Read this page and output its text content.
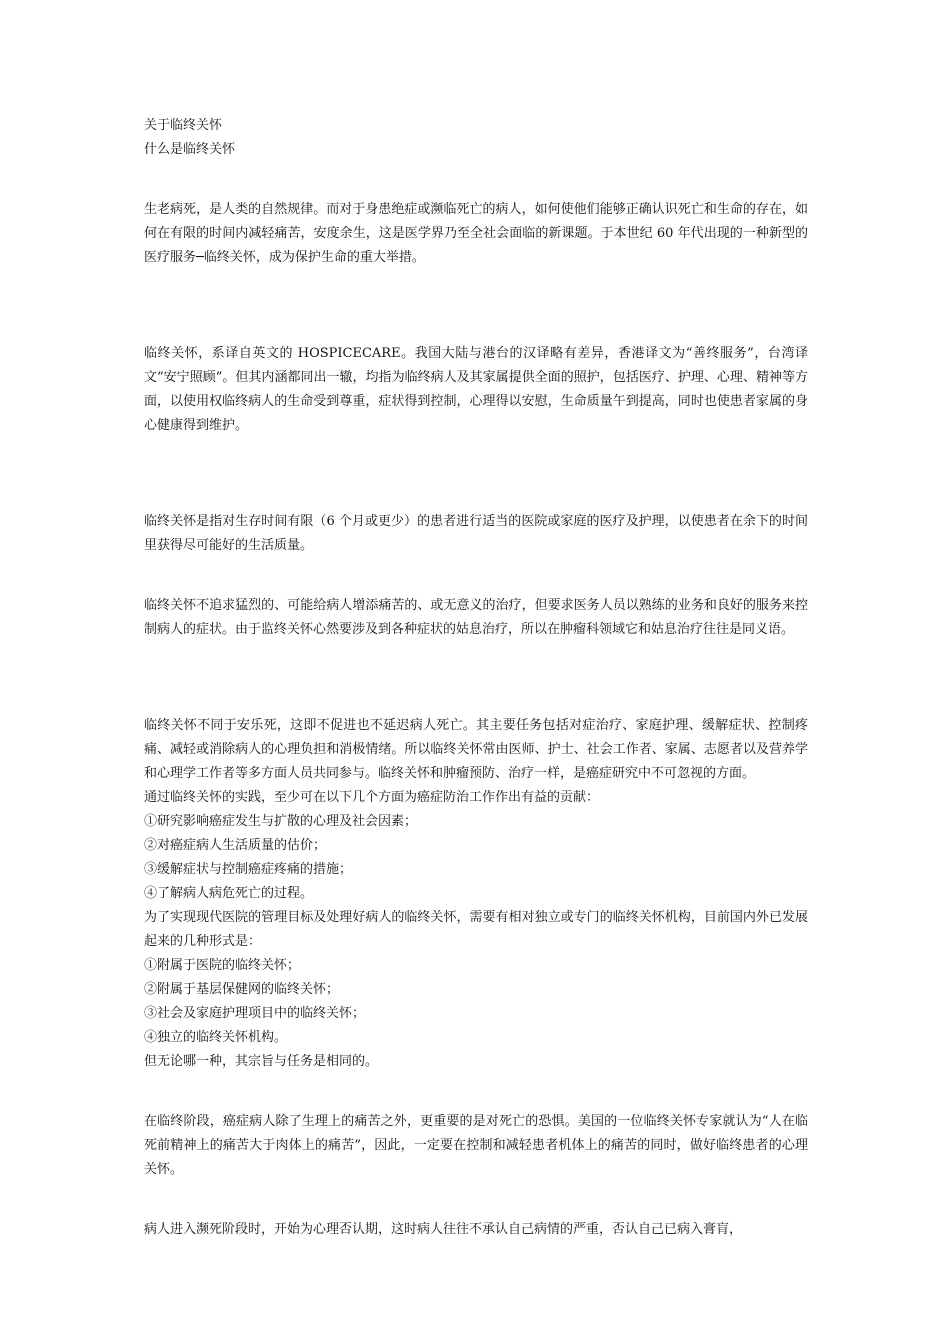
关于临终关怀
什么是临终关怀

生老病死，是人类的自然规律。而对于身患绝症或濒临死亡的病人，如何使他们能够正确认识死亡和生命的存在，如何在有限的时间内减轻痛苦，安度余生，这是医学界乃至全社会面临的新课题。于本世纪 60 年代出现的一种新型的医疗服务─临终关怀，成为保护生命的重大举措。

临终关怀，系译自英文的 HOSPICECARE。我国大陆与港台的汉译略有差异，香港译文为“善终服务”，台湾译文“安宁照顾”。但其内涵都同出一辙，均指为临终病人及其家属提供全面的照护，包括医疗、护理、心理、精神等方面，以使用权临终病人的生命受到尊重，症状得到控制，心理得以安慰，生命质量午到提高，同时也使患者家属的身心健康得到维护。

临终关怀是指对生存时间有限（6 个月或更少）的患者进行适当的医院或家庭的医疗及护理，以使患者在余下的时间里获得尽可能好的生活质量。

临终关怀不追求猛烈的、可能给病人增添痛苦的、或无意义的治疗，但要求医务人员以熟练的业务和良好的服务来控制病人的症状。由于监终关怀心然要涉及到各种症状的姑息治疗，所以在肿瘤科领域它和姑息治疗往往是同义语。

临终关怀不同于安乐死，这即不促进也不延迟病人死亡。其主要任务包括对症治疗、家庭护理、缓解症状、控制疼痛、减轻或消除病人的心理负担和消极情绪。所以临终关怀常由医师、护士、社会工作者、家属、志愿者以及营养学和心理学工作者等多方面人员共同参与。临终关怀和肿瘤预防、治疗一样，是癌症研究中不可忽视的方面。

通过临终关怀的实践，至少可在以下几个方面为癌症防治工作作出有益的贡献：

①研究影响癌症发生与扩散的心理及社会因素；
②对癌症病人生活质量的估价；
③缓解症状与控制癌症疼痛的措施；
④了解病人病危死亡的过程。

为了实现现代医院的管理目标及处理好病人的临终关怀，需要有相对独立或专门的临终关怀机构，目前国内外已发展起来的几种形式是：

①附属于医院的临终关怀；
②附属于基层保健网的临终关怀；
③社会及家庭护理项目中的临终关怀；
④独立的临终关怀机构。

但无论哪一种，其宗旨与任务是相同的。

在临终阶段，癌症病人除了生理上的痛苦之外，更重要的是对死亡的恐惧。美国的一位临终关怀专家就认为“人在临死前精神上的痛苦大于肉体上的痛苦”，因此，一定要在控制和减轻患者机体上的痛苦的同时，做好临终患者的心理关怀。

病人进入濒死阶段时，开始为心理否认期，这时病人往往不承认自己病情的严重，否认自己已病入膏肓，
